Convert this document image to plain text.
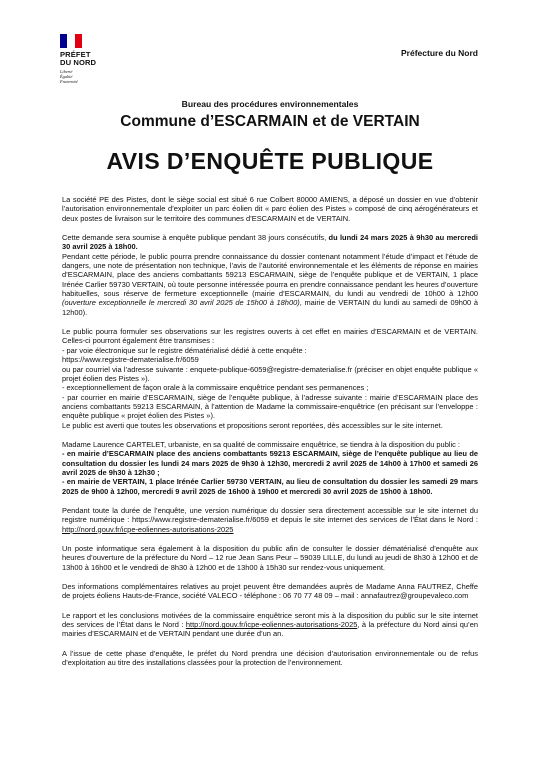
PRÉFET
DU NORD
Liberté
Égalité
Fraternité
Préfecture du Nord
Bureau des procédures environnementales
Commune d’ESCARMAIN et de VERTAIN
AVIS D’ENQUÊTE PUBLIQUE

La société PE des Pistes, dont le siège social est situé 6 rue Colbert 80000 AMIENS, a déposé un dossier en vue d’obtenir l’autorisation environnementale d’exploiter un parc éolien dit « parc éolien des Pistes » composé de cinq aérogénérateurs et deux postes de livraison sur le territoire des communes d’ESCARMAIN et de VERTAIN.

Cette demande sera soumise à enquête publique pendant 38 jours consécutifs, du lundi 24 mars 2025 à 9h30 au mercredi 30 avril 2025 à 18h00.
Pendant cette période, le public pourra prendre connaissance du dossier contenant notamment l’étude d’impact et l’étude de dangers, une note de présentation non technique, l’avis de l’autorité environnementale et les éléments de réponse en mairies d’ESCARMAIN, place des anciens combattants 59213 ESCARMAIN, siège de l’enquête publique et de VERTAIN, 1 place Irénée Carlier 59730 VERTAIN, où toute personne intéressée pourra en prendre connaissance pendant les heures d’ouverture habituelles, sous réserve de fermeture exceptionnelle (mairie d’ESCARMAIN, du lundi au vendredi de 10h00 à 12h00 (ouverture exceptionnelle le mercredi 30 avril 2025 de 15h00 à 18h00), mairie de VERTAIN du lundi au samedi de 09h00 à 12h00).

Le public pourra formuler ses observations sur les registres ouverts à cet effet en mairies d’ESCARMAIN et de VERTAIN. Celles-ci pourront également être transmises :
- par voie électronique sur le registre dématérialisé dédié à cette enquête :
https://www.registre-dematerialise.fr/6059
ou par courriel via l’adresse suivante : enquete-publique-6059@registre-dematerialise.fr (préciser en objet enquête publique « projet éolien des Pistes »).
- exceptionnellement de façon orale à la commissaire enquêtrice pendant ses permanences ;
- par courrier en mairie d’ESCARMAIN, siège de l’enquête publique, à l’adresse suivante : mairie d’ESCARMAIN place des anciens combattants 59213 ESCARMAIN, à l’attention de Madame la commissaire-enquêtrice (en précisant sur l’enveloppe : enquête publique « projet éolien des Pistes »).
Le public est averti que toutes les observations et propositions seront reportées, dès accessibles sur le site internet.

Madame Laurence CARTELET, urbaniste, en sa qualité de commissaire enquêtrice, se tiendra à la disposition du public :
- en mairie d’ESCARMAIN place des anciens combattants 59213 ESCARMAIN, siège de l’enquête publique au lieu de consultation du dossier les lundi 24 mars 2025 de 9h30 à 12h30, mercredi 2 avril 2025 de 14h00 à 17h00 et samedi 26 avril 2025 de 9h30 à 12h30 ;
- en mairie de VERTAIN, 1 place Irénée Carlier 59730 VERTAIN, au lieu de consultation du dossier les samedi 29 mars 2025 de 9h00 à 12h00, mercredi 9 avril 2025 de 16h00 à 19h00 et mercredi 30 avril 2025 de 15h00 à 18h00.

Pendant toute la durée de l’enquête, une version numérique du dossier sera directement accessible sur le site internet du registre numérique : https://www.registre-dematerialise.fr/6059 et depuis le site internet des services de l’État dans le Nord : http://nord.gouv.fr/icpe-eoliennes-autorisations-2025

Un poste informatique sera également à la disposition du public afin de consulter le dossier dématérialisé d’enquête aux heures d’ouverture de la préfecture du Nord – 12 rue Jean Sans Peur – 59039 LILLE, du lundi au jeudi de 8h30 à 12h00 et de 13h00 à 16h00 et le vendredi de 8h30 à 12h00 et de 13h00 à 15h30 sur rendez-vous uniquement.

Des informations complémentaires relatives au projet peuvent être demandées auprès de Madame Anna FAUTREZ, Cheffe de projets éoliens Hauts-de-France, société VALECO - téléphone : 06 70 77 48 09 – mail : annafautrez@groupevaleco.com

Le rapport et les conclusions motivées de la commissaire enquêtrice seront mis à la disposition du public sur le site internet des services de l’État dans le Nord : http://nord.gouv.fr/icpe-eoliennes-autorisations-2025, à la préfecture du Nord ainsi qu’en mairies d’ESCARMAIN et de VERTAIN pendant une durée d’un an.

A l’issue de cette phase d’enquête, le préfet du Nord prendra une décision d’autorisation environnementale ou de refus d’exploitation au titre des installations classées pour la protection de l’environnement.
